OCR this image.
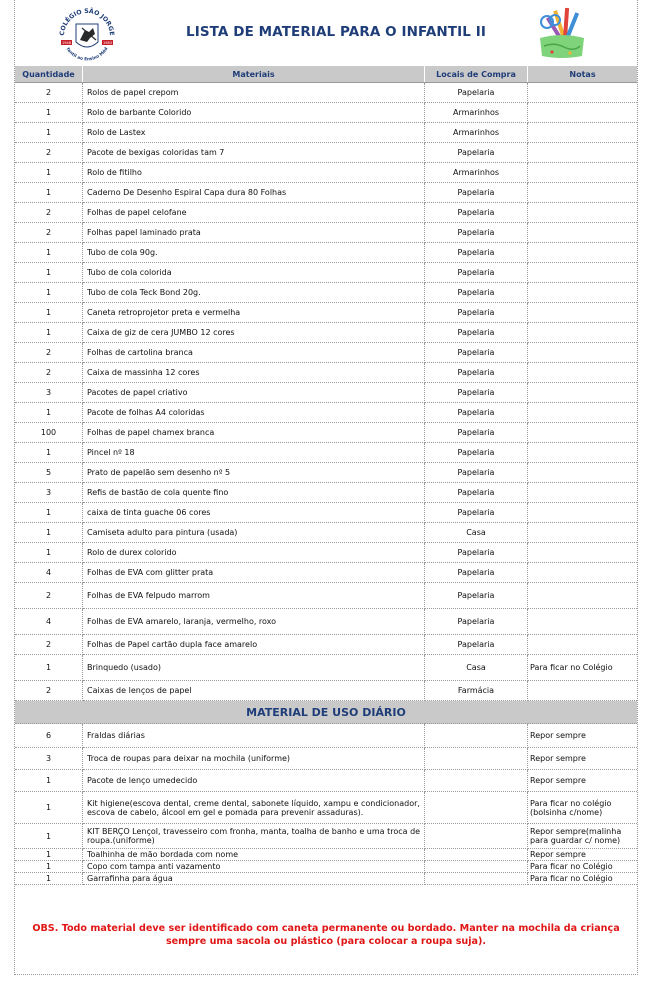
COLÉGIO SÃO JORGE
1948	1983
fantil ao Ensino Méd
LISTA DE MATERIAL PARA O INFANTIL II
Quantidade	Materiais	Locais de Compra	Notas
2	Rolos de papel crepom	Papelaria	
1	Rolo de barbante Colorido	Armarinhos	
1	Rolo de Lastex	Armarinhos	
2	Pacote de bexigas coloridas tam 7	Papelaria	
1	Rolo de fitilho	Armarinhos	
1	Caderno De Desenho Espiral Capa dura 80 Folhas	Papelaria	
2	Folhas de papel celofane	Papelaria	
2	Folhas papel laminado prata	Papelaria	
1	Tubo de cola 90g.	Papelaria	
1	Tubo de cola colorida	Papelaria	
1	Tubo de cola Teck Bond 20g.	Papelaria	
1	Caneta retroprojetor preta e vermelha	Papelaria	
1	Caixa de giz de cera JUMBO 12 cores	Papelaria	
2	Folhas de cartolina branca	Papelaria	
2	Caixa de massinha 12 cores	Papelaria	
3	Pacotes de papel criativo	Papelaria	
1	Pacote de folhas A4 coloridas	Papelaria	
100	Folhas de papel chamex branca	Papelaria	
1	Pincel nº 18	Papelaria	
5	Prato de papelão sem desenho nº 5	Papelaria	
3	Refis de bastão de cola quente fino	Papelaria	
1	caixa de tinta guache 06 cores	Papelaria	
1	Camiseta adulto para pintura (usada)	Casa	
1	Rolo de durex colorido	Papelaria	
4	Folhas de EVA com glitter prata	Papelaria	
2	Folhas de EVA felpudo marrom	Papelaria	
4	Folhas de EVA amarelo, laranja, vermelho, roxo	Papelaria	
2	Folhas de Papel cartão dupla face amarelo	Papelaria	
1	Brinquedo (usado)	Casa	Para ficar no Colégio
2	Caixas de lenços de papel	Farmácia	
MATERIAL DE USO DIÁRIO			
6	Fraldas diárias		Repor sempre
3	Troca de roupas para deixar na mochila (uniforme)		Repor sempre
1	Pacote de lenço umedecido		Repor sempre
1	Kit higiene(escova dental, creme dental, sabonete líquido, xampu e condicionador, escova de cabelo, álcool em gel e pomada para prevenir assaduras).		Para ficar no colégio (bolsinha c/nome)
1	KIT BERÇO Lençol, travesseiro com fronha, manta, toalha de banho e uma troca de roupa.(uniforme)		Repor sempre(malinha para guardar c/ nome)
1	Toalhinha de mão bordada com nome		Repor sempre
1	Copo com tampa anti vazamento		Para ficar no Colégio
1	Garrafinha para água		Para ficar no Colégio
OBS. Todo material deve ser identificado com caneta permanente ou bordado. Manter na mochila da criança sempre uma sacola ou plástico (para colocar a roupa suja).
